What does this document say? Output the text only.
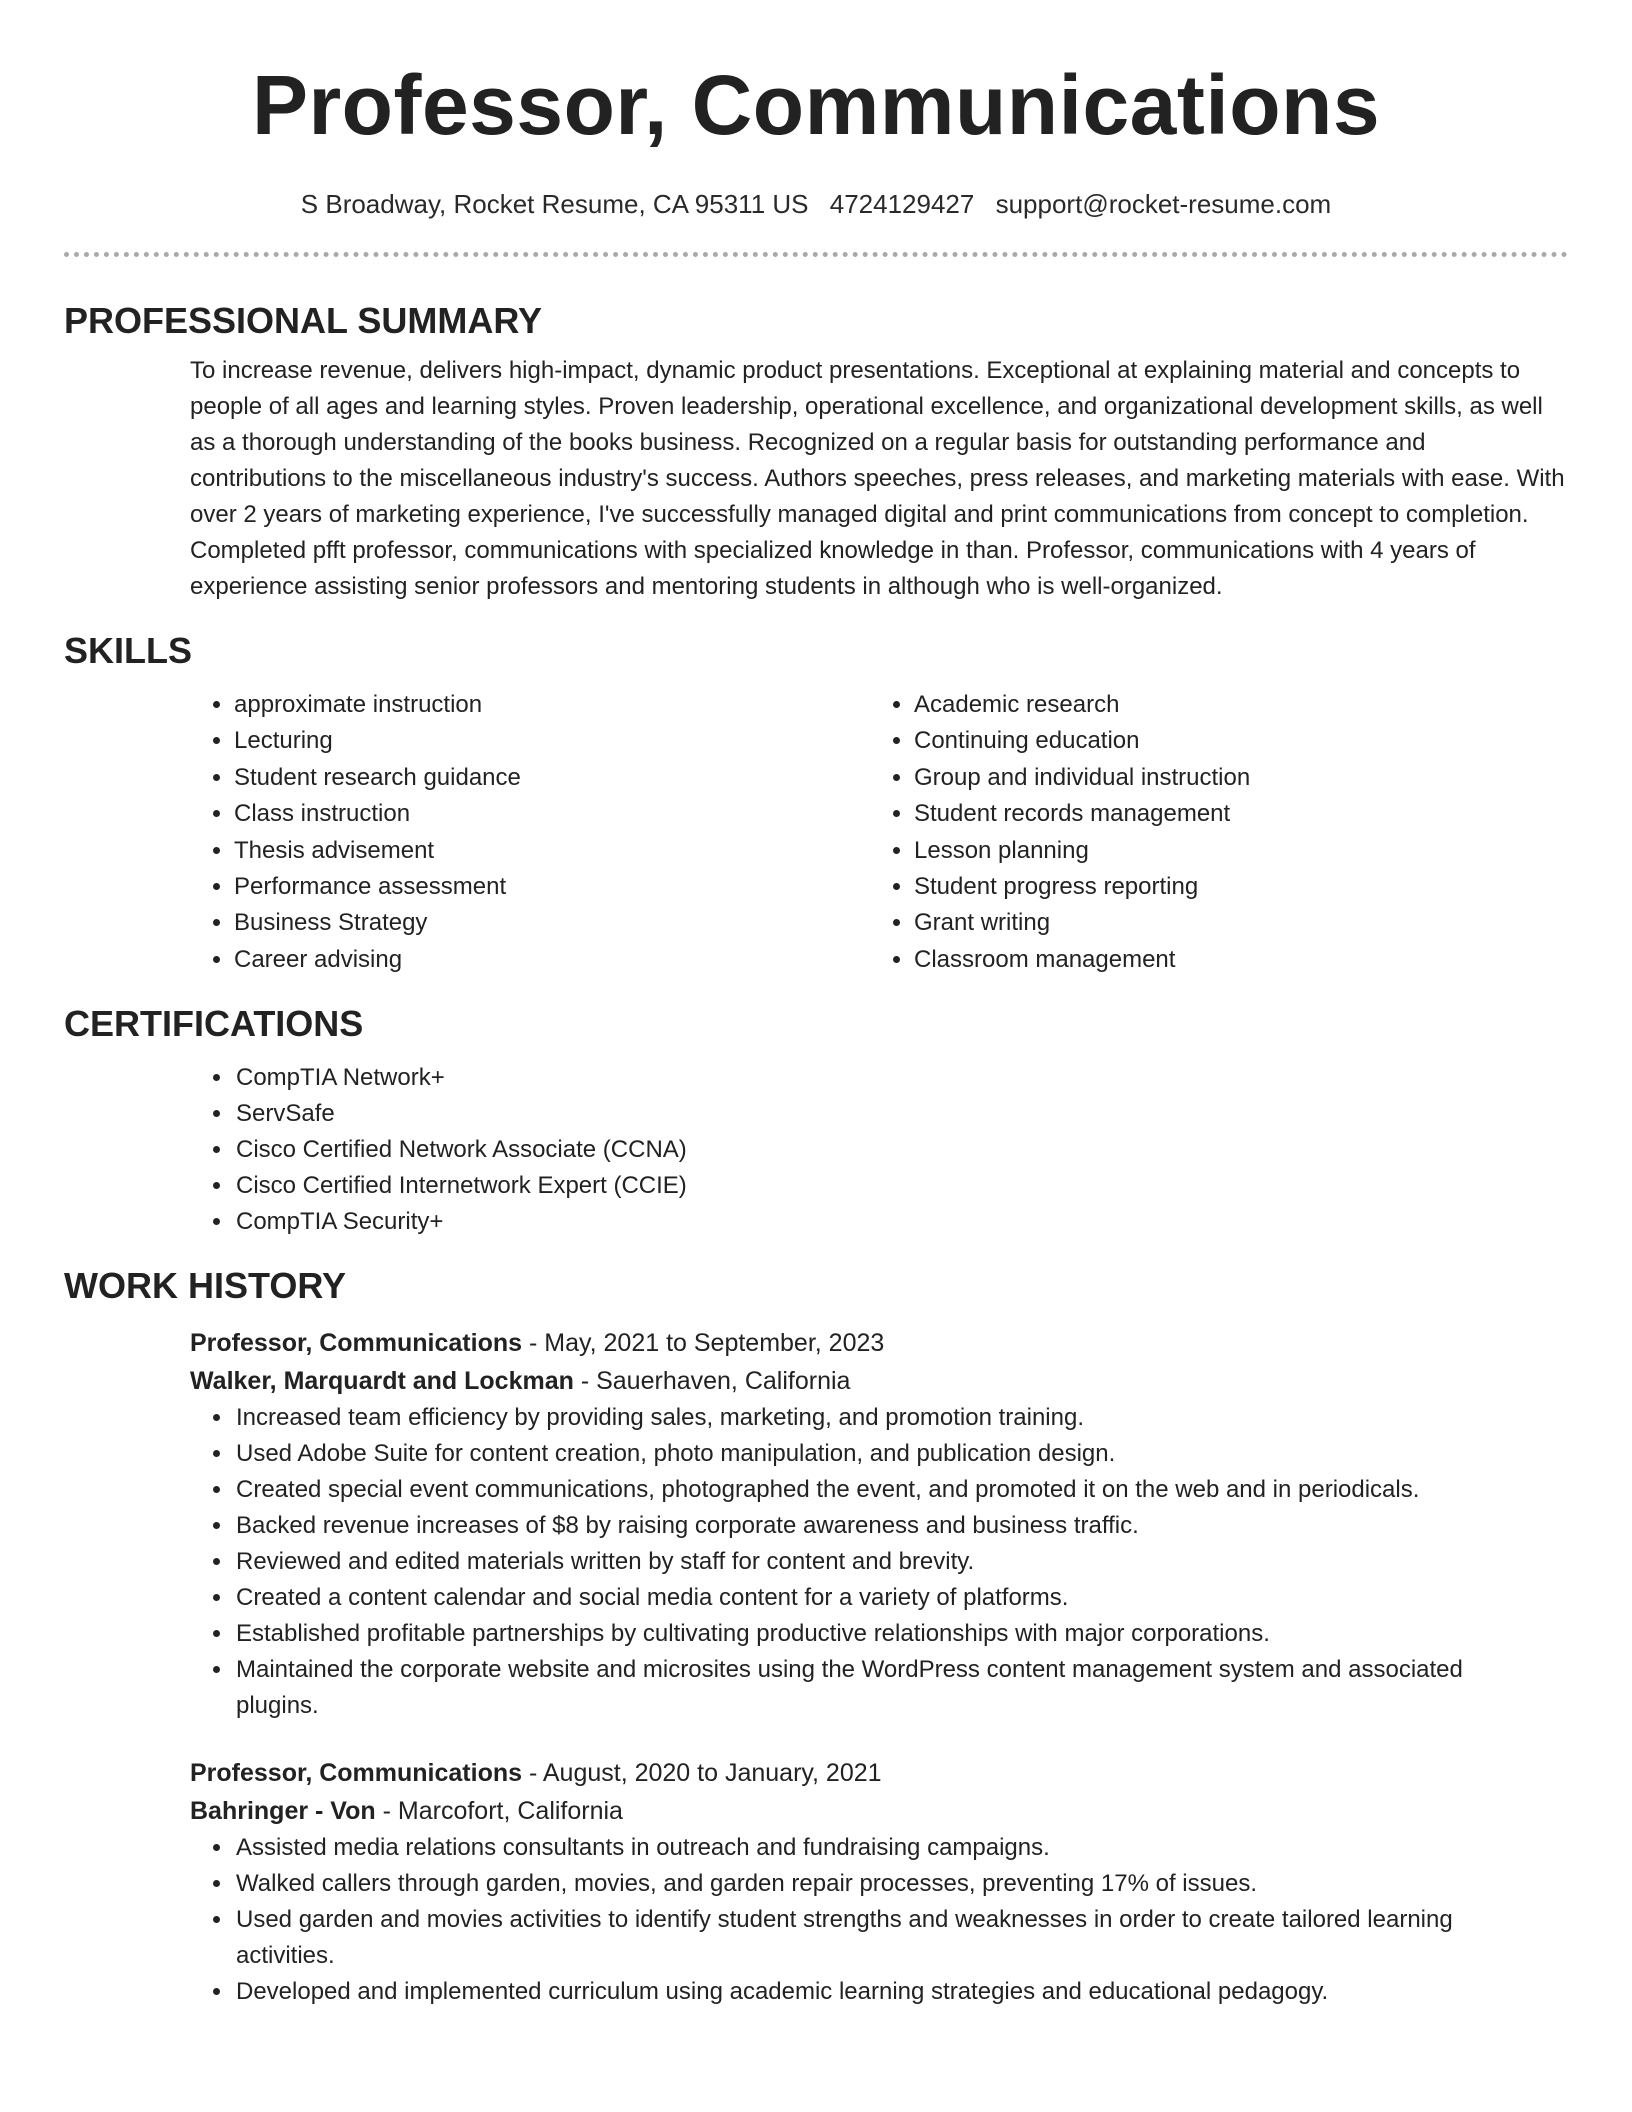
Professor, Communications
S Broadway, Rocket Resume, CA 95311 US 4724129427 support@rocket-resume.com
PROFESSIONAL SUMMARY

To increase revenue, delivers high-impact, dynamic product presentations. Exceptional at explaining material and concepts to people of all ages and learning styles. Proven leadership, operational excellence, and organizational development skills, as well as a thorough understanding of the books business. Recognized on a regular basis for outstanding performance and contributions to the miscellaneous industry's success. Authors speeches, press releases, and marketing materials with ease. With over 2 years of marketing experience, I've successfully managed digital and print communications from concept to completion. Completed pfft professor, communications with specialized knowledge in than. Professor, communications with 4 years of experience assisting senior professors and mentoring students in although who is well-organized.

SKILLS
• approximate instruction
• Lecturing
• Student research guidance
• Class instruction
• Thesis advisement
• Performance assessment
• Business Strategy
• Career advising
• Academic research
• Continuing education
• Group and individual instruction
• Student records management
• Lesson planning
• Student progress reporting
• Grant writing
• Classroom management
CERTIFICATIONS
• CompTIA Network+
• ServSafe
• Cisco Certified Network Associate (CCNA)
• Cisco Certified Internetwork Expert (CCIE)
• CompTIA Security+
WORK HISTORY
Professor, Communications - May, 2021 to September, 2023
Walker, Marquardt and Lockman - Sauerhaven, California
• Increased team efficiency by providing sales, marketing, and promotion training.
• Used Adobe Suite for content creation, photo manipulation, and publication design.
• Created special event communications, photographed the event, and promoted it on the web and in periodicals.
• Backed revenue increases of $8 by raising corporate awareness and business traffic.
• Reviewed and edited materials written by staff for content and brevity.
• Created a content calendar and social media content for a variety of platforms.
• Established profitable partnerships by cultivating productive relationships with major corporations.
• Maintained the corporate website and microsites using the WordPress content management system and associated plugins.
Professor, Communications - August, 2020 to January, 2021
Bahringer - Von - Marcofort, California
• Assisted media relations consultants in outreach and fundraising campaigns.
• Walked callers through garden, movies, and garden repair processes, preventing 17% of issues.
• Used garden and movies activities to identify student strengths and weaknesses in order to create tailored learning activities.
• Developed and implemented curriculum using academic learning strategies and educational pedagogy.
